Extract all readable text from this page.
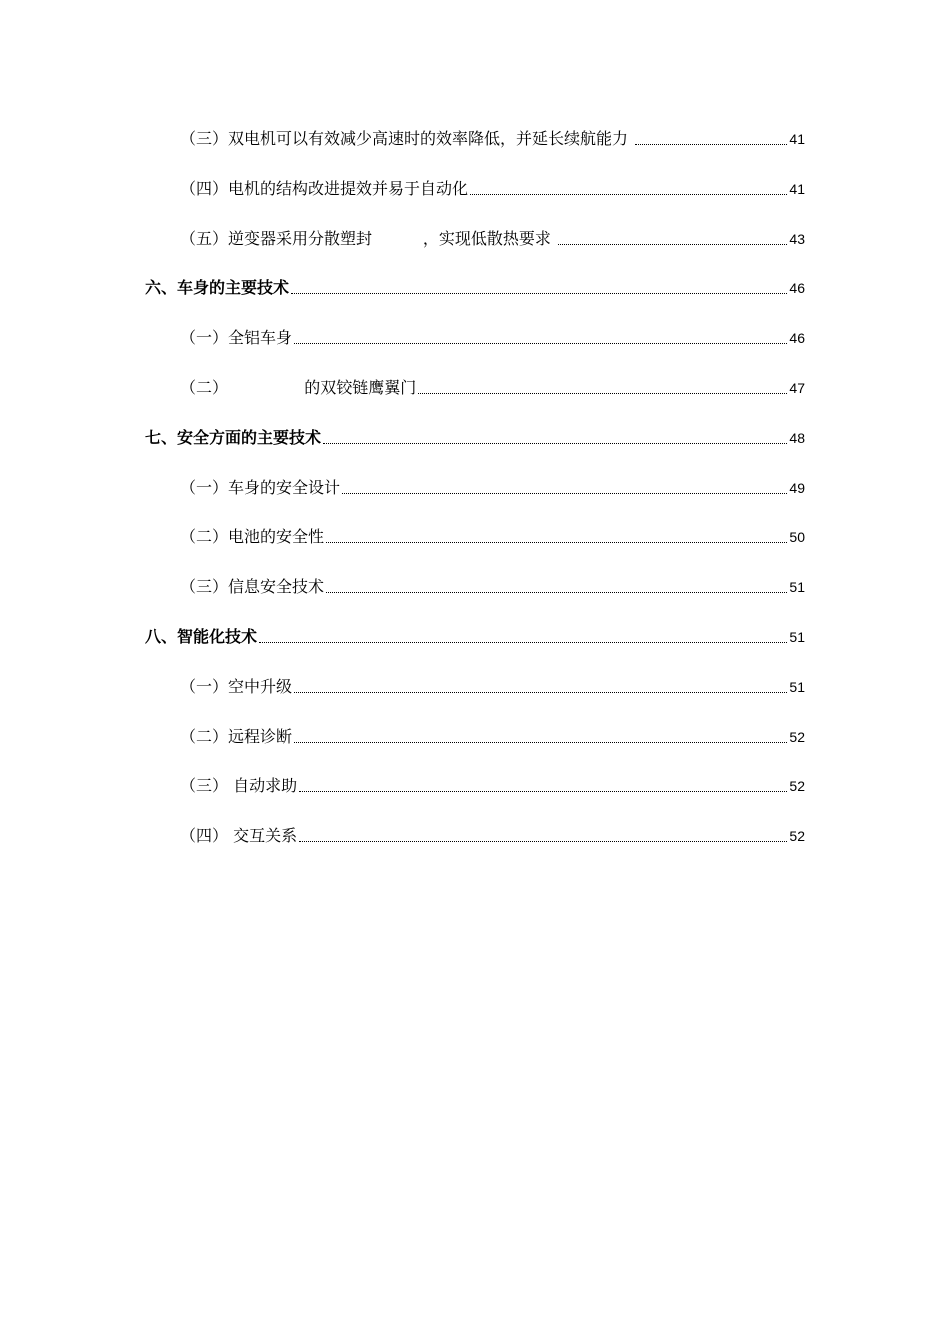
（三）双电机可以有效减少高速时的效率降低，并延长续航能力	41
（四）电机的结构改进提效并易于自动化	41
（五）逆变器采用分散塑封          ，实现低散热要求	43
六、车身的主要技术	46
（一）全铝车身	46
（二）               的双铰链鹰翼门	47
七、安全方面的主要技术	48
（一）车身的安全设计	49
（二）电池的安全性	50
（三）信息安全技术	51
八、智能化技术	51
（一）空中升级	51
（二）远程诊断	52
（三） 自动求助	52
（四） 交互关系	52
